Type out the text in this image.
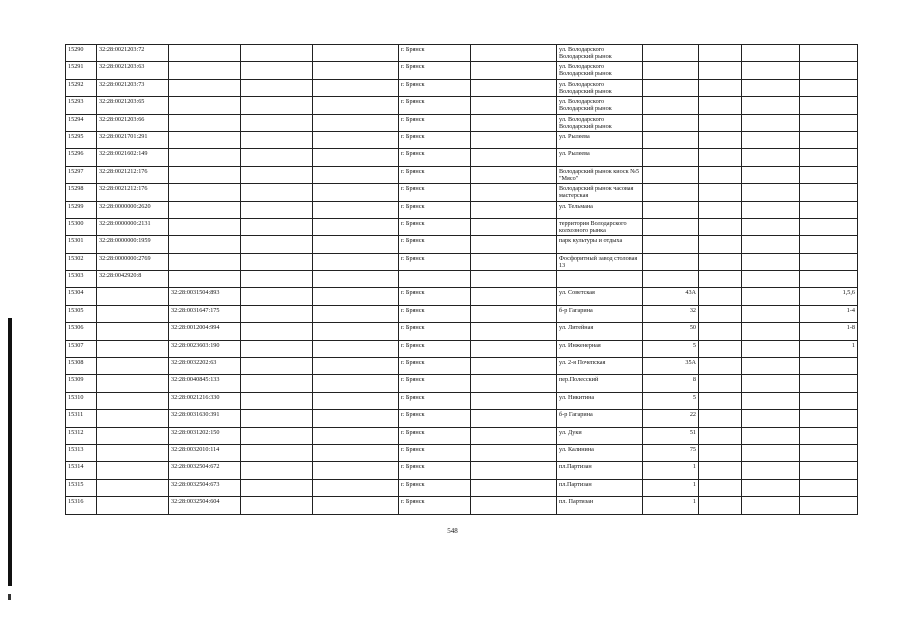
15290	32:28:0021203:72				г. Брянск		ул. Володарского Володарский рынок				
15291	32:28:0021203:63				г. Брянск		ул. Володарского Володарский рынок				
15292	32:28:0021203:73				г. Брянск		ул. Володарского Володарский рынок				
15293	32:28:0021203:65				г. Брянск		ул. Володарского Володарский рынок				
15294	32:28:0021203:66				г. Брянск		ул. Володарского Володарский рынок				
15295	32:28:0021701:291				г. Брянск		ул. Рылеева				
15296	32:28:0021602:149				г. Брянск		ул. Рылеева				
15297	32:28:0021212:176				г. Брянск		Володарский рынок киоск №5 "Мясо"				
15298	32:28:0021212:176				г. Брянск		Володарский рынок часовая мастерская				
15299	32:28:0000000:2620				г. Брянск		ул. Тельмана				
15300	32:28:0000000:2131				г. Брянск		территория Володарского колхозного рынка				
15301	32:28:0000000:1959				г. Брянск		парк культуры и отдыха				
15302	32:28:0000000:2769				г. Брянск		Фосфоритный завод столовая 13				
15303	32:28:0042920:8										
15304		32:28:0031504:893			г. Брянск		ул. Советская	43А			1,5,6
15305		32:28:0031647:175			г. Брянск		б-р Гагарина	32			1-4
15306		32:28:0012004:994			г. Брянск		ул. Литейная	50			1-8
15307		32:28:0023603:190			г. Брянск		ул. Инженерная	5			1
15308		32:28:0032202:63			г. Брянск		ул. 2-я Почепская	35А			
15309		32:28:0040845:133			г. Брянск		пер.Полесский	8			
15310		32:28:0021216:330			г. Брянск		ул. Никитина	5			
15311		32:28:0031630:391			г. Брянск		б-р Гагарина	22			
15312		32:28:0031202:150			г. Брянск		ул. Дуки	51			
15313		32:28:0032010:114			г. Брянск		ул. Калинина	75			
15314		32:28:0032504:672			г. Брянск		пл.Партизан	1			
15315		32:28:0032504:673			г. Брянск		пл.Партизан	1			
15316		32:28:0032504:604			г. Брянск		пл. Партизан	1			
548
